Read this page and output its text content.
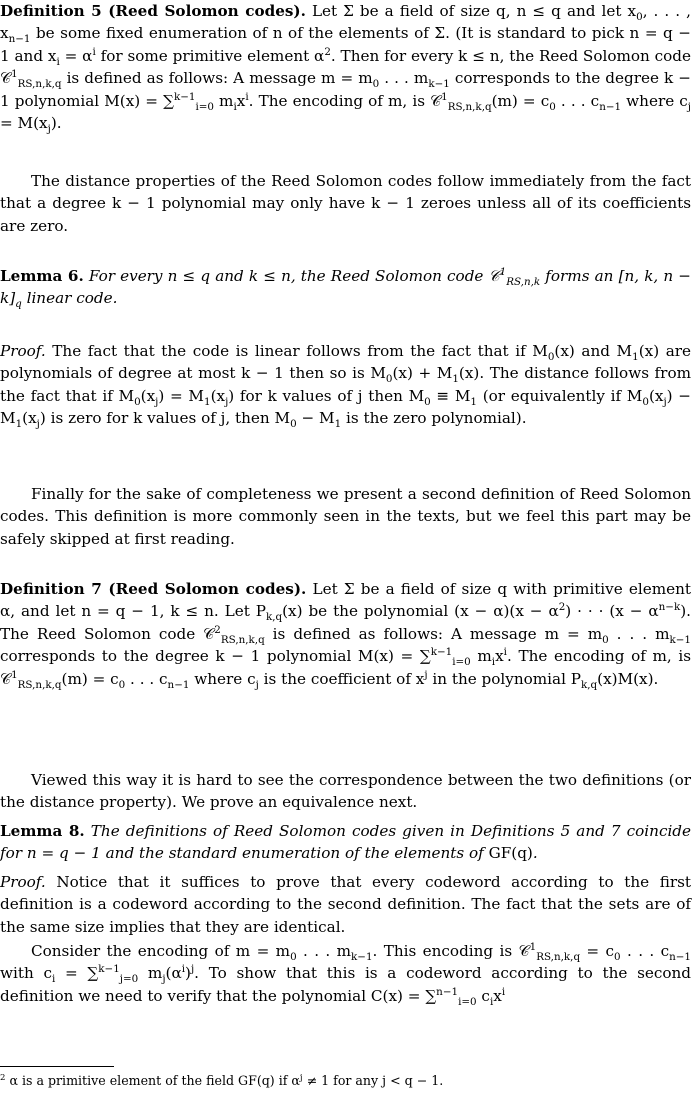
Definition 5 (Reed Solomon codes). Let Σ be a field of size q, n ≤ q and let $x_0$, . . . , $x_{n-1}$ be some fixed enumeration of n of the elements of Σ. (It is standard to pick n = q − 1 and $x_i = \alpha^i$ for some primitive element $\alpha^2$. Then for every k ≤ n, the Reed Solomon code 𝒞$^1_{RS,n,k,q}$ is defined as follows: A message $m = m_0$ . . . $m_{k-1}$ corresponds to the degree k − 1 polynomial M(x) = ∑$^{k-1}_{i=0}$ $m_ix^i$. The encoding of m, is 𝒞$^1_{RS,n,k,q}$(m) = $c_0$ . . . $c_{n-1}$ where $c_j = M(x_j)$.

The distance properties of the Reed Solomon codes follow immediately from the fact that a degree k − 1 polynomial may only have k − 1 zeroes unless all of its coefficients are zero.

Lemma 6. For every n ≤ q and k ≤ n, the Reed Solomon code 𝒞$^1_{RS,n,k}$ forms an [n, k, $n - k]_q$ linear code.

Proof. The fact that the code is linear follows from the fact that if $M_0(x)$ and $M_1(x)$ are polynomials of degree at most k − 1 then so is $M_0(x) + M_1(x)$. The distance follows from the fact that if $M_0(x_j) = M_1(x_j)$ for k values of j then $M_0 \equiv M_1$ (or equivalently if $M_0(x_j) - M_1(x_j)$ is zero for k values of j, then $M_0 - M_1$ is the zero polynomial).

Finally for the sake of completeness we present a second definition of Reed Solomon codes. This definition is more commonly seen in the texts, but we feel this part may be safely skipped at first reading.

Definition 7 (Reed Solomon codes). Let Σ be a field of size q with primitive element α, and let n = q − 1, k ≤ n. Let $P_{k,q}(x)$ be the polynomial $(x - \alpha)(x - \alpha^2)$ · · · $(x - \alpha^{n-k})$. The Reed Solomon code 𝒞$^2_{RS,n,k,q}$ is defined as follows: A message $m = m_0$ . . . $m_{k-1}$ corresponds to the degree k − 1 polynomial M(x) = ∑$^{k-1}_{i=0}$ $m_ix^i$. The encoding of m, is 𝒞$^1_{RS,n,k,q}$(m) = $c_0$ . . . $c_{n-1}$ where $c_j$ is the coefficient of $x^j$ in the polynomial $P_{k,q}(x)M(x)$.

Viewed this way it is hard to see the correspondence between the two definitions (or the distance property). We prove an equivalence next.

Lemma 8. The definitions of Reed Solomon codes given in Definitions 5 and 7 coincide for n = q − 1 and the standard enumeration of the elements of GF(q).

Proof. Notice that it suffices to prove that every codeword according to the first definition is a codeword according to the second definition. The fact that the sets are of the same size implies that they are identical.

Consider the encoding of $m = m_0$ . . . $m_{k-1}$. This encoding is 𝒞$^1_{RS,n,k,q}$ = $c_0$ . . . $c_{n-1}$ with $c_i = \sum^{k-1}_{j=0}$ $m_j(\alpha^i)^j$. To show that this is a codeword according to the second definition we need to verify that the polynomial C(x) = ∑$^{n-1}_{i=0}$ $c_ix^i$

$^2$ α is a primitive element of the field GF(q) if $\alpha^j \ne 1$ for any j < q − 1.
